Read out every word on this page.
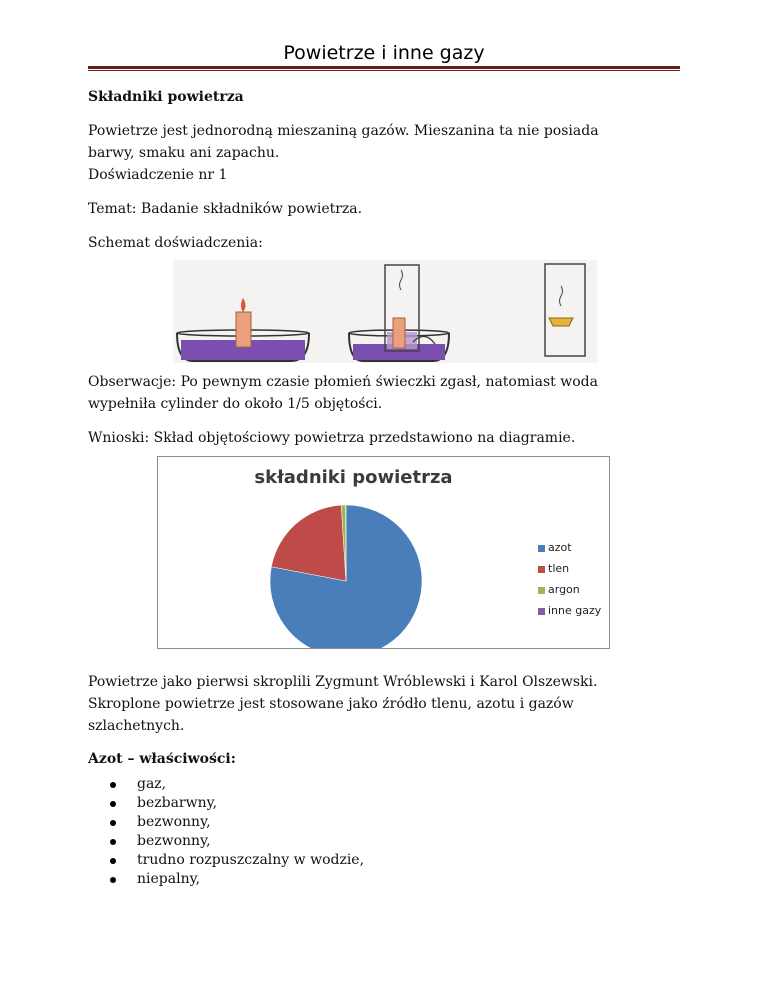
Powietrze i inne gazy
Składniki powietrza
Powietrze jest jednorodną mieszaniną gazów. Mieszanina ta nie posiada barwy, smaku ani zapachu.
Doświadczenie nr 1
Temat: Badanie składników powietrza.
Schemat doświadczenia:
Obserwacje: Po pewnym czasie płomień świeczki zgasł, natomiast woda wypełniła cylinder do około 1/5 objętości.
Wnioski: Skład objętościowy powietrza przedstawiono na diagramie.
składniki powietrza
azot
tlen
argon
inne gazy
Powietrze jako pierwsi skroplili Zygmunt Wróblewski i Karol Olszewski. Skroplone powietrze jest stosowane jako źródło tlenu, azotu i gazów szlachetnych.
Azot – właściwości:
gaz,
bezbarwny,
bezwonny,
bezwonny,
trudno rozpuszczalny w wodzie,
niepalny,
